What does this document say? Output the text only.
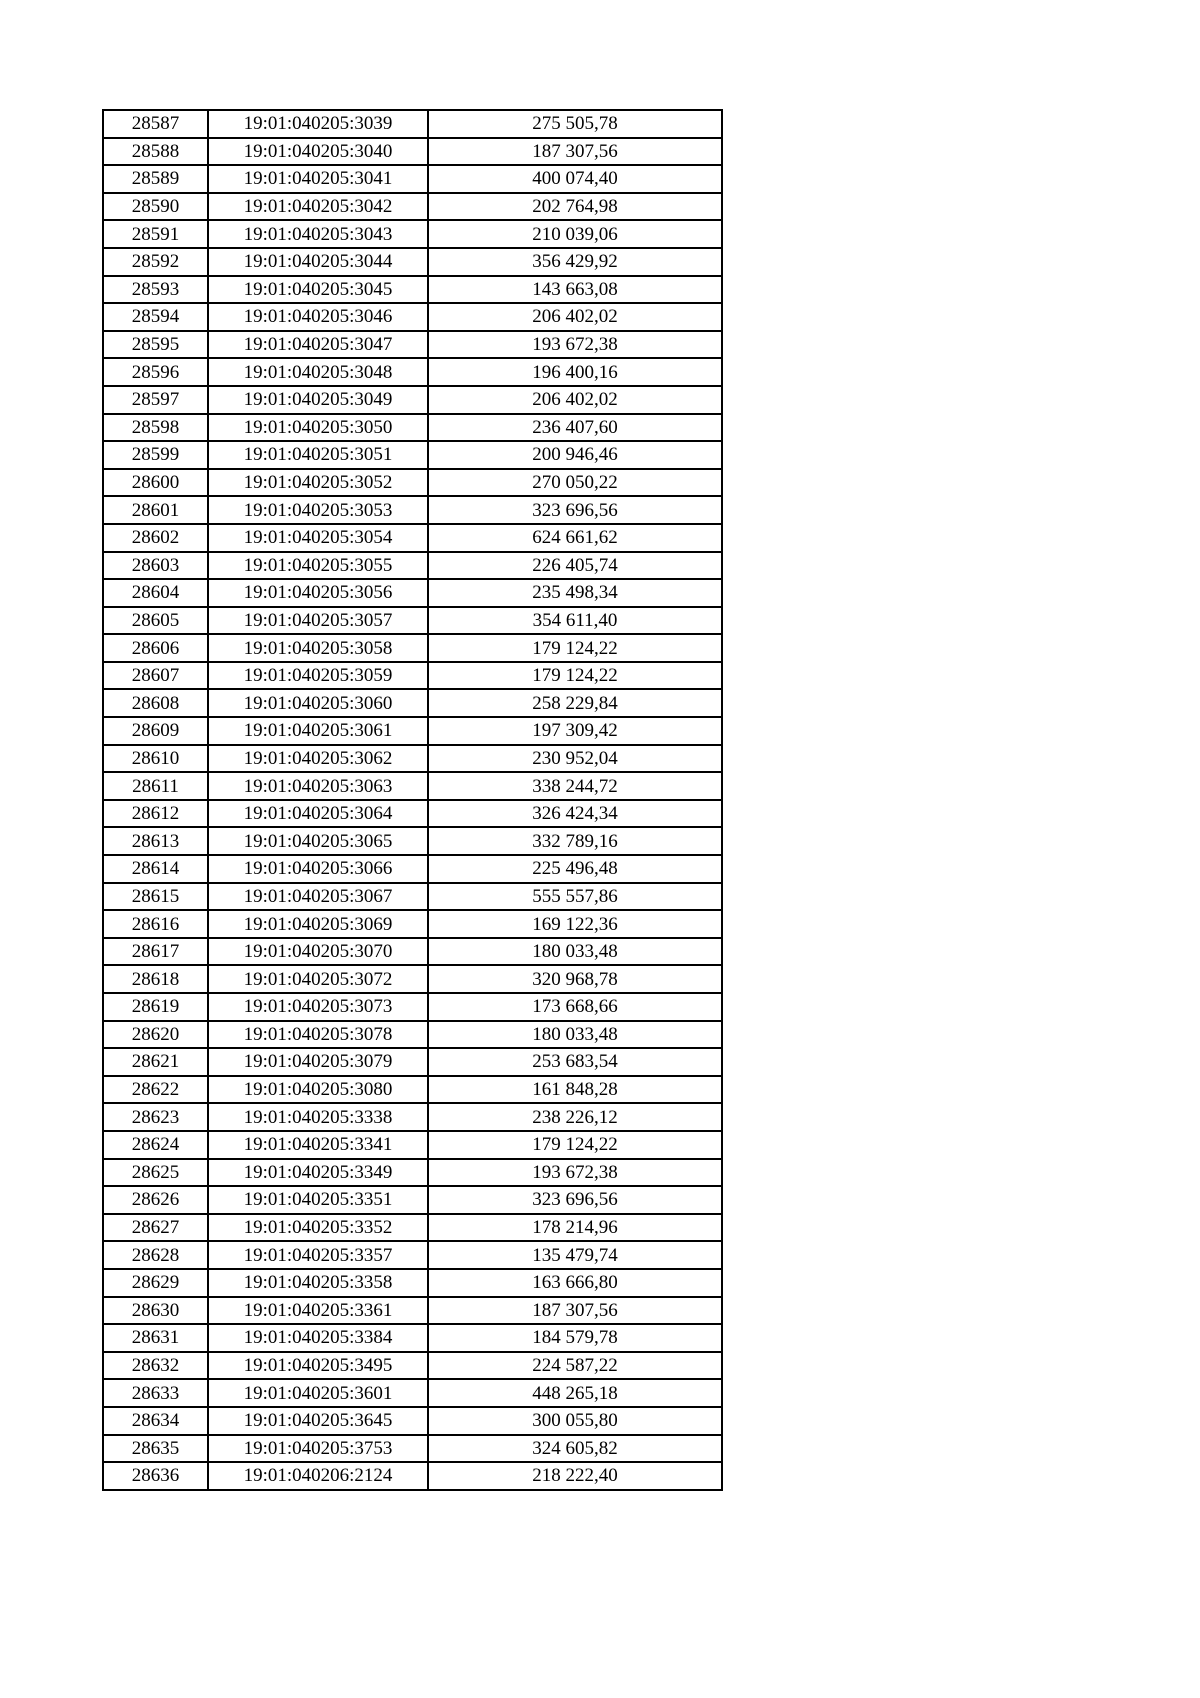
28587	19:01:040205:3039	275 505,78
28588	19:01:040205:3040	187 307,56
28589	19:01:040205:3041	400 074,40
28590	19:01:040205:3042	202 764,98
28591	19:01:040205:3043	210 039,06
28592	19:01:040205:3044	356 429,92
28593	19:01:040205:3045	143 663,08
28594	19:01:040205:3046	206 402,02
28595	19:01:040205:3047	193 672,38
28596	19:01:040205:3048	196 400,16
28597	19:01:040205:3049	206 402,02
28598	19:01:040205:3050	236 407,60
28599	19:01:040205:3051	200 946,46
28600	19:01:040205:3052	270 050,22
28601	19:01:040205:3053	323 696,56
28602	19:01:040205:3054	624 661,62
28603	19:01:040205:3055	226 405,74
28604	19:01:040205:3056	235 498,34
28605	19:01:040205:3057	354 611,40
28606	19:01:040205:3058	179 124,22
28607	19:01:040205:3059	179 124,22
28608	19:01:040205:3060	258 229,84
28609	19:01:040205:3061	197 309,42
28610	19:01:040205:3062	230 952,04
28611	19:01:040205:3063	338 244,72
28612	19:01:040205:3064	326 424,34
28613	19:01:040205:3065	332 789,16
28614	19:01:040205:3066	225 496,48
28615	19:01:040205:3067	555 557,86
28616	19:01:040205:3069	169 122,36
28617	19:01:040205:3070	180 033,48
28618	19:01:040205:3072	320 968,78
28619	19:01:040205:3073	173 668,66
28620	19:01:040205:3078	180 033,48
28621	19:01:040205:3079	253 683,54
28622	19:01:040205:3080	161 848,28
28623	19:01:040205:3338	238 226,12
28624	19:01:040205:3341	179 124,22
28625	19:01:040205:3349	193 672,38
28626	19:01:040205:3351	323 696,56
28627	19:01:040205:3352	178 214,96
28628	19:01:040205:3357	135 479,74
28629	19:01:040205:3358	163 666,80
28630	19:01:040205:3361	187 307,56
28631	19:01:040205:3384	184 579,78
28632	19:01:040205:3495	224 587,22
28633	19:01:040205:3601	448 265,18
28634	19:01:040205:3645	300 055,80
28635	19:01:040205:3753	324 605,82
28636	19:01:040206:2124	218 222,40
